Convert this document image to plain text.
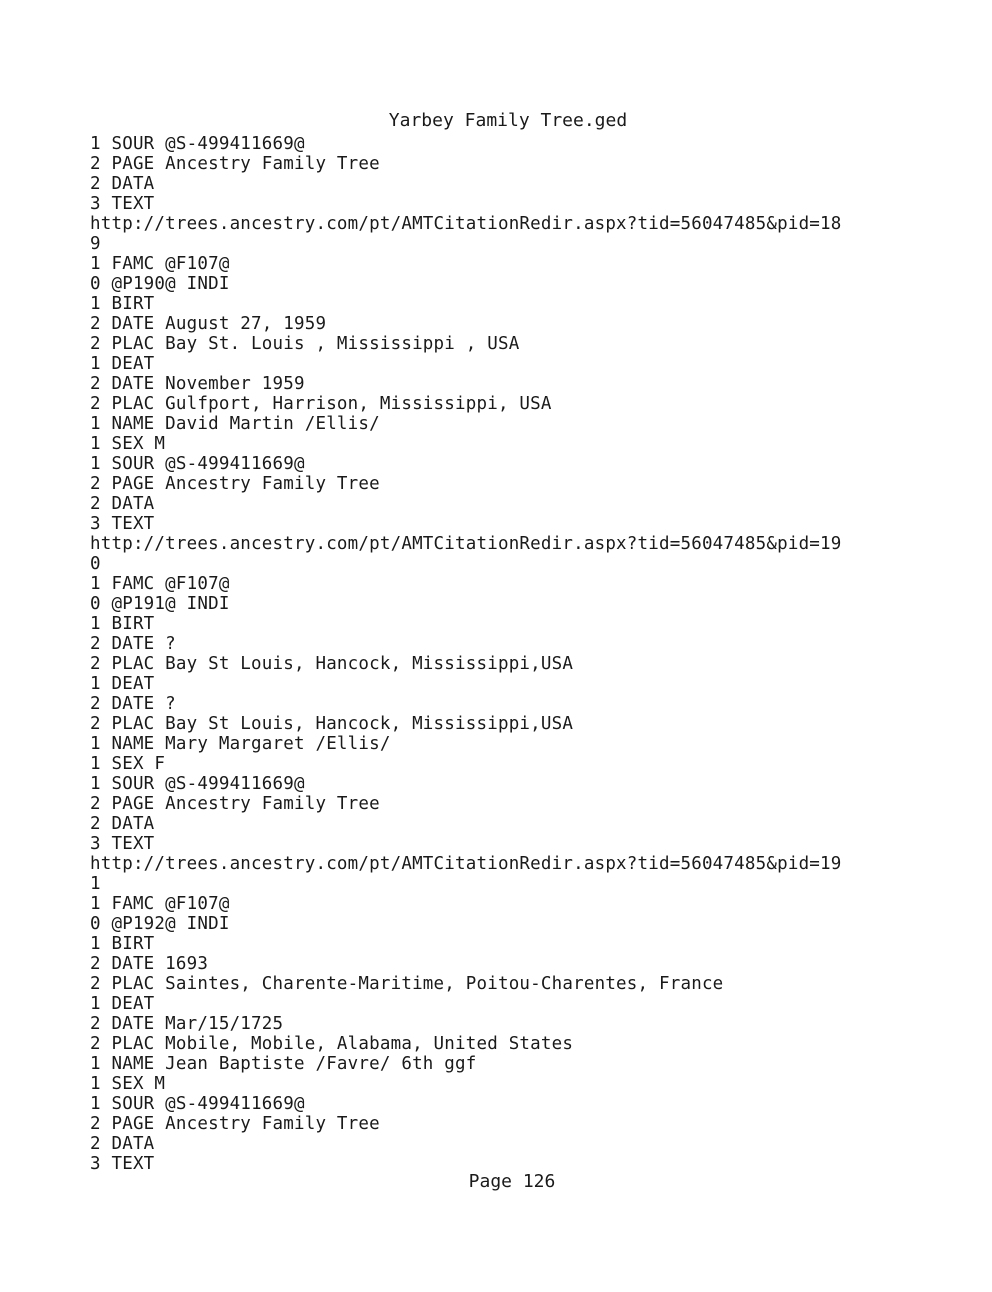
Yarbey Family Tree.ged
1 SOUR @S-499411669@
2 PAGE Ancestry Family Tree
2 DATA
3 TEXT
http://trees.ancestry.com/pt/AMTCitationRedir.aspx?tid=56047485&pid=18
9
1 FAMC @F107@
0 @P190@ INDI
1 BIRT
2 DATE August 27, 1959
2 PLAC Bay St. Louis , Mississippi , USA
1 DEAT
2 DATE November 1959
2 PLAC Gulfport, Harrison, Mississippi, USA
1 NAME David Martin /Ellis/
1 SEX M
1 SOUR @S-499411669@
2 PAGE Ancestry Family Tree
2 DATA
3 TEXT
http://trees.ancestry.com/pt/AMTCitationRedir.aspx?tid=56047485&pid=19
0
1 FAMC @F107@
0 @P191@ INDI
1 BIRT
2 DATE ?
2 PLAC Bay St Louis, Hancock, Mississippi,USA
1 DEAT
2 DATE ?
2 PLAC Bay St Louis, Hancock, Mississippi,USA
1 NAME Mary Margaret /Ellis/
1 SEX F
1 SOUR @S-499411669@
2 PAGE Ancestry Family Tree
2 DATA
3 TEXT
http://trees.ancestry.com/pt/AMTCitationRedir.aspx?tid=56047485&pid=19
1
1 FAMC @F107@
0 @P192@ INDI
1 BIRT
2 DATE 1693
2 PLAC Saintes, Charente-Maritime, Poitou-Charentes, France
1 DEAT
2 DATE Mar/15/1725
2 PLAC Mobile, Mobile, Alabama, United States
1 NAME Jean Baptiste /Favre/ 6th ggf
1 SEX M
1 SOUR @S-499411669@
2 PAGE Ancestry Family Tree
2 DATA
3 TEXT
Page 126
